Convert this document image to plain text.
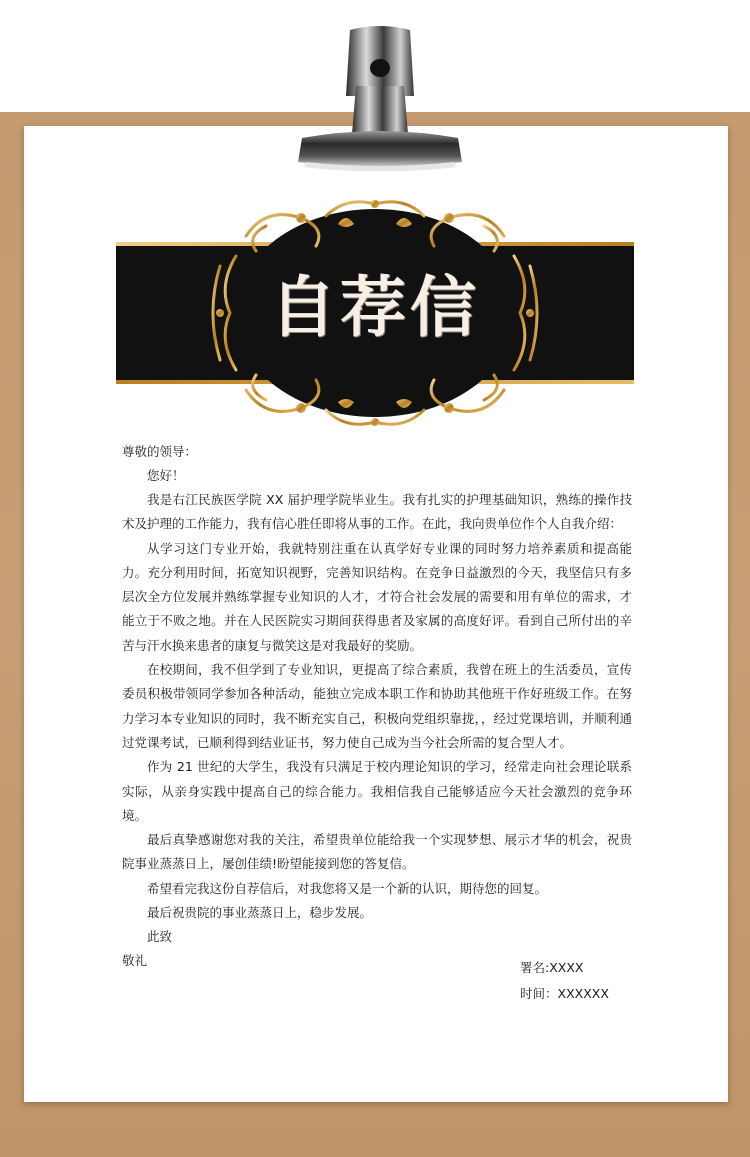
自荐信
尊敬的领导：
您好！
我是右江民族医学院 XX 届护理学院毕业生。我有扎实的护理基础知识，熟练的操作技术及护理的工作能力，我有信心胜任即将从事的工作。在此，我向贵单位作个人自我介绍：
从学习这门专业开始，我就特别注重在认真学好专业课的同时努力培养素质和提高能力。充分利用时间，拓宽知识视野，完善知识结构。在竞争日益激烈的今天，我坚信只有多层次全方位发展并熟练掌握专业知识的人才，才符合社会发展的需要和用有单位的需求，才能立于不败之地。并在人民医院实习期间获得患者及家属的高度好评。看到自己所付出的辛苦与汗水换来患者的康复与微笑这是对我最好的奖励。
在校期间，我不但学到了专业知识，更提高了综合素质，我曾在班上的生活委员，宣传委员积极带领同学参加各种活动，能独立完成本职工作和协助其他班干作好班级工作。在努力学习本专业知识的同时，我不断充实自己，积极向党组织靠拢，，经过党课培训，并顺利通过党课考试，已顺利得到结业证书，努力使自己成为当今社会所需的复合型人才。
作为 21 世纪的大学生，我没有只满足于校内理论知识的学习，经常走向社会理论联系实际，从亲身实践中提高自己的综合能力。我相信我自己能够适应今天社会激烈的竞争环境。
最后真挚感谢您对我的关注，希望贵单位能给我一个实现梦想、展示才华的机会，祝贵院事业蒸蒸日上，屡创佳绩!盼望能接到您的答复信。
希望看完我这份自荐信后，对我您将又是一个新的认识，期待您的回复。
最后祝贵院的事业蒸蒸日上，稳步发展。
此致
敬礼	署名:XXXX
时间：XXXXXX
